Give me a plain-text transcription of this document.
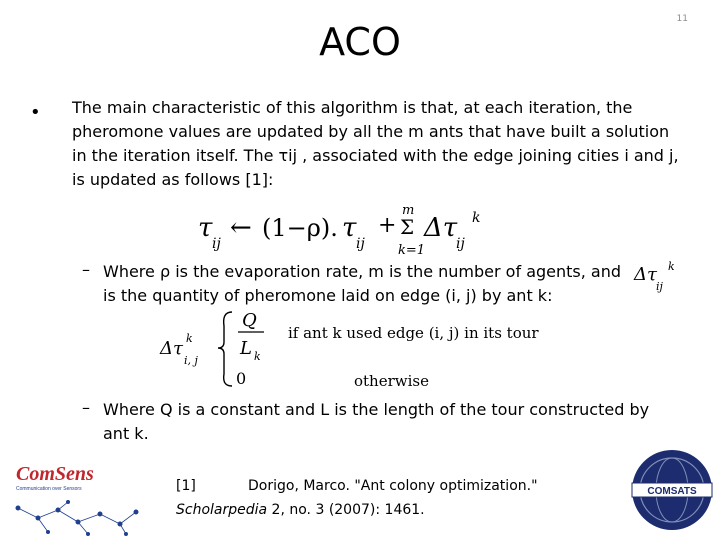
11
ACO
• The main characteristic of this algorithm is that, at each iteration, the pheromone values are updated by all the m ants that have built a solution in the iteration itself. The τij , associated with the edge joining cities i and j, is updated as follows [1]:
τ
ij
← (1−ρ). τ
ij
+
m
Σ
k=1
Δτ
ij
k
– Where ρ is the evaporation rate, m is the number of agents, and is the quantity of pheromone laid on edge (i, j) by ant k:
Δτ
ij
k
Δτ k
i, j
Q
L k
if ant k used edge (i, j) in its tour
0	otherwise
– Where Q is a constant and L is the length of the tour constructed by ant k.
ComSens
Communication over Sensors	[1]	Dorigo, Marco. "Ant colony optimization."
Scholarpedia 2, no. 3 (2007): 1461.
COMSATS
